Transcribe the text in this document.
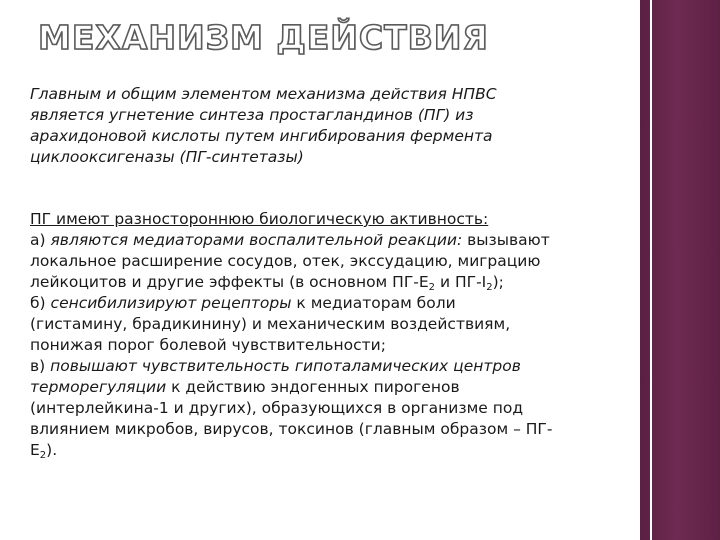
МЕХАНИЗМ ДЕЙСТВИЯ
Главным и общим элементом механизма действия НПВС
является угнетение синтеза простагландинов (ПГ) из
арахидоновой кислоты путем ингибирования фермента
циклооксигеназы (ПГ-синтетазы)
ПГ имеют разностороннюю биологическую активность:
а) являются медиаторами воспалительной реакции: вызывают
локальное расширение сосудов, отек, экссудацию, миграцию
лейкоцитов и другие эффекты (в основном $ПГ-E_2$ и $ПГ-I_2$);
б) сенсибилизируют рецепторы к медиаторам боли
(гистамину, брадикинину) и механическим воздействиям,
понижая порог болевой чувствительности;
в) повышают чувствительность гипоталамических центров
терморегуляции к действию эндогенных пирогенов
(интерлейкина-1 и других), образующихся в организме под
влиянием микробов, вирусов, токсинов (главным образом – ПГ-
$E_2$).
